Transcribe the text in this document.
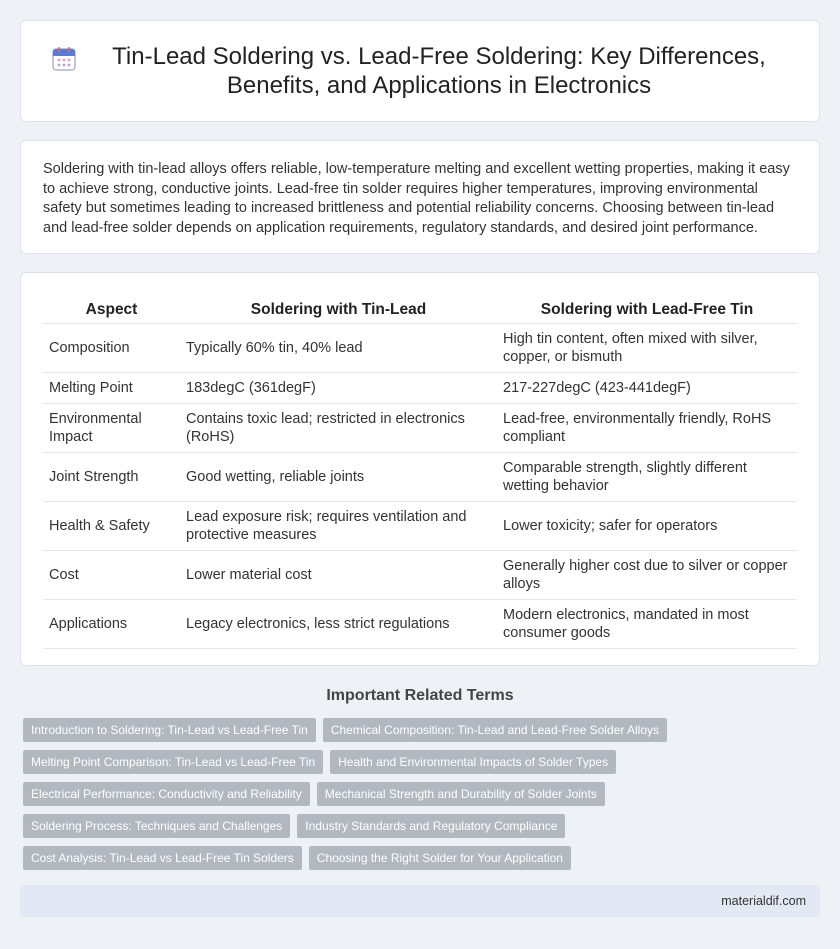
Tin-Lead Soldering vs. Lead-Free Soldering: Key Differences, Benefits, and Applications in Electronics

Soldering with tin-lead alloys offers reliable, low-temperature melting and excellent wetting properties, making it easy to achieve strong, conductive joints. Lead-free tin solder requires higher temperatures, improving environmental safety but sometimes leading to increased brittleness and potential reliability concerns. Choosing between tin-lead and lead-free solder depends on application requirements, regulatory standards, and desired joint performance.

Aspect	Soldering with Tin-Lead	Soldering with Lead-Free Tin
Composition	Typically 60% tin, 40% lead	High tin content, often mixed with silver, copper, or bismuth
Melting Point	183degC (361degF)	217-227degC (423-441degF)
Environmental Impact	Contains toxic lead; restricted in electronics (RoHS)	Lead-free, environmentally friendly, RoHS compliant
Joint Strength	Good wetting, reliable joints	Comparable strength, slightly different wetting behavior
Health & Safety	Lead exposure risk; requires ventilation and protective measures	Lower toxicity; safer for operators
Cost	Lower material cost	Generally higher cost due to silver or copper alloys
Applications	Legacy electronics, less strict regulations	Modern electronics, mandated in most consumer goods
Important Related Terms
Introduction to Soldering: Tin-Lead vs Lead-Free Tin	Chemical Composition: Tin-Lead and Lead-Free Solder Alloys
Melting Point Comparison: Tin-Lead vs Lead-Free Tin	Health and Environmental Impacts of Solder Types
Electrical Performance: Conductivity and Reliability	Mechanical Strength and Durability of Solder Joints
Soldering Process: Techniques and Challenges	Industry Standards and Regulatory Compliance
Cost Analysis: Tin-Lead vs Lead-Free Tin Solders	Choosing the Right Solder for Your Application
materialdif.com
